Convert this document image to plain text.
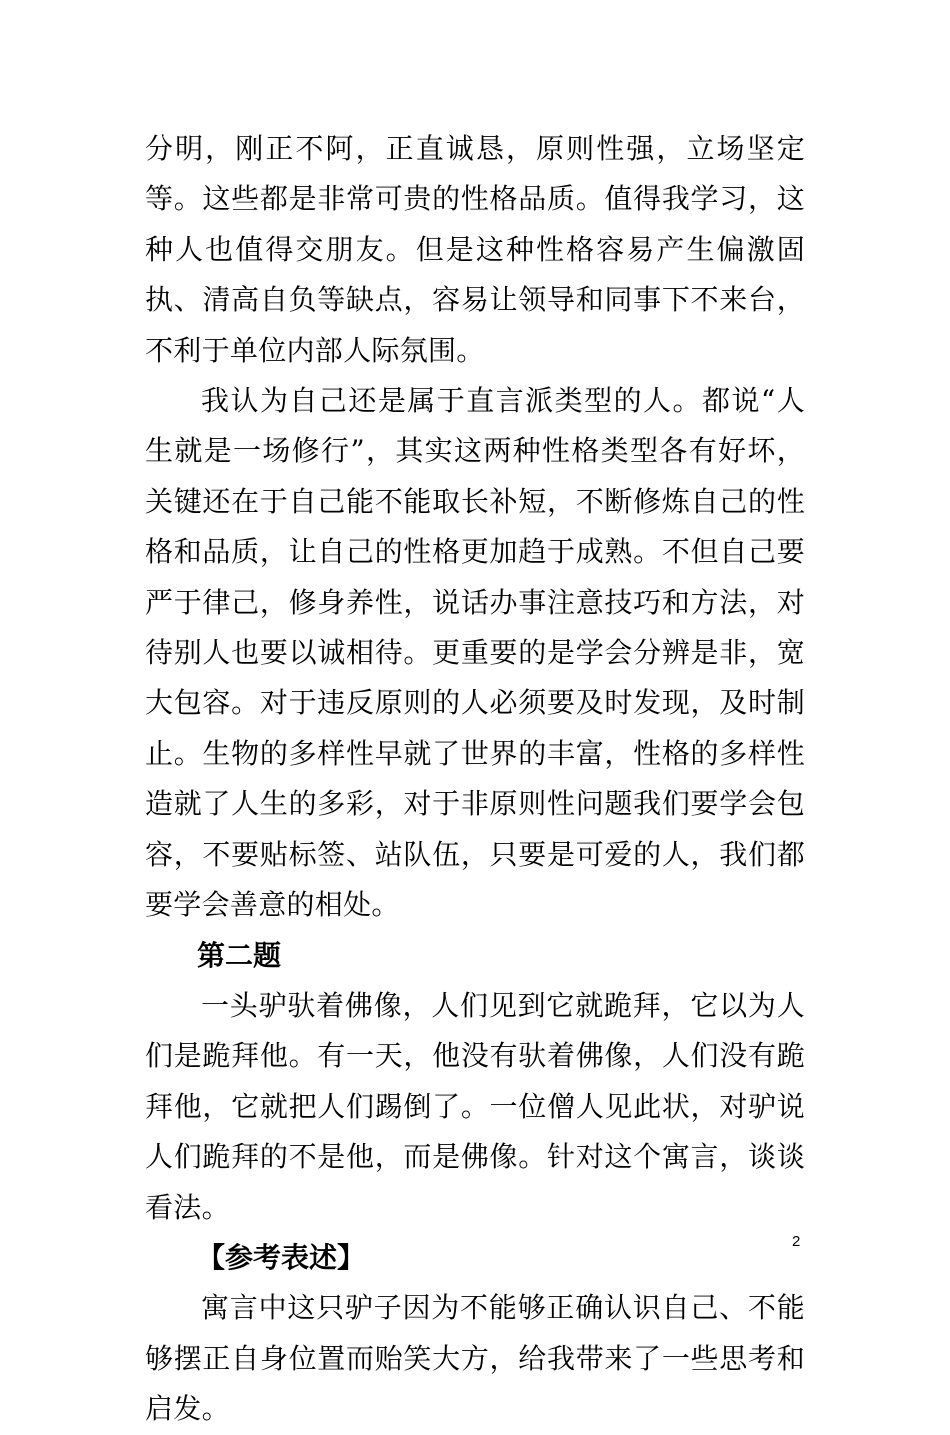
分明，刚正不阿，正直诚恳，原则性强，立场坚定等。这些都是非常可贵的性格品质。值得我学习，这种人也值得交朋友。但是这种性格容易产生偏激固执、清高自负等缺点，容易让领导和同事下不来台，不利于单位内部人际氛围。

我认为自己还是属于直言派类型的人。都说“人生就是一场修行”，其实这两种性格类型各有好坏，关键还在于自己能不能取长补短，不断修炼自己的性格和品质，让自己的性格更加趋于成熟。不但自己要严于律己，修身养性，说话办事注意技巧和方法，对待别人也要以诚相待。更重要的是学会分辨是非，宽大包容。对于违反原则的人必须要及时发现，及时制止。生物的多样性早就了世界的丰富，性格的多样性造就了人生的多彩，对于非原则性问题我们要学会包容，不要贴标签、站队伍，只要是可爱的人，我们都要学会善意的相处。

第二题

一头驴驮着佛像，人们见到它就跪拜，它以为人们是跪拜他。有一天，他没有驮着佛像，人们没有跪拜他，它就把人们踢倒了。一位僧人见此状，对驴说人们跪拜的不是他，而是佛像。针对这个寓言，谈谈看法。

【参考表述】

寓言中这只驴子因为不能够正确认识自己、不能够摆正自身位置而贻笑大方，给我带来了一些思考和启发。

2
